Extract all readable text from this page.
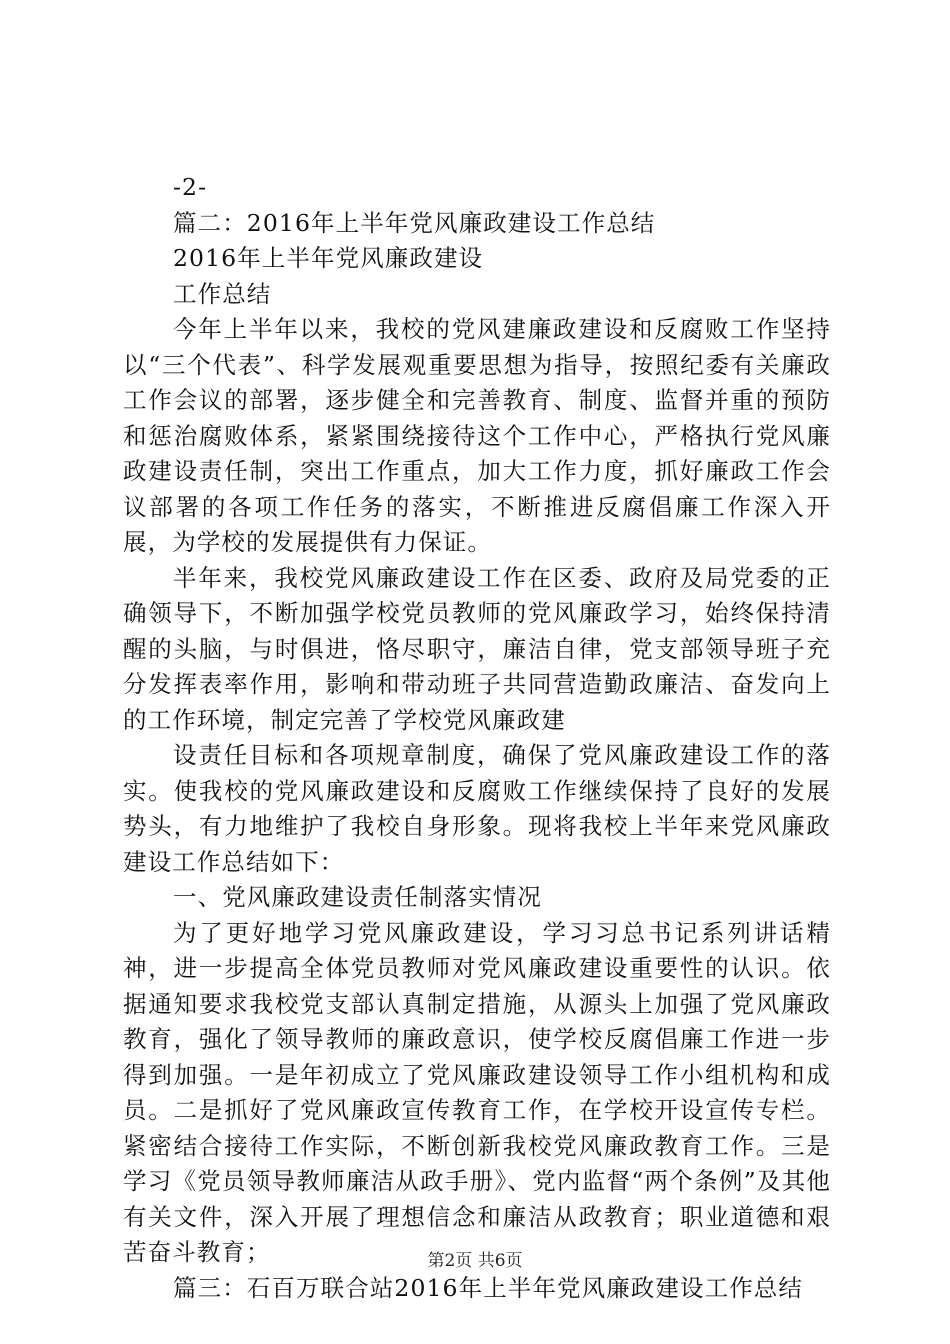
-2-
篇二：2016年上半年党风廉政建设工作总结
2016年上半年党风廉政建设
工作总结

今年上半年以来，我校的党风建廉政建设和反腐败工作坚持以“三个代表”、科学发展观重要思想为指导，按照纪委有关廉政工作会议的部署，逐步健全和完善教育、制度、监督并重的预防和惩治腐败体系，紧紧围绕接待这个工作中心，严格执行党风廉政建设责任制，突出工作重点，加大工作力度，抓好廉政工作会议部署的各项工作任务的落实，不断推进反腐倡廉工作深入开展，为学校的发展提供有力保证。

半年来，我校党风廉政建设工作在区委、政府及局党委的正确领导下，不断加强学校党员教师的党风廉政学习，始终保持清醒的头脑，与时俱进，恪尽职守，廉洁自律，党支部领导班子充分发挥表率作用，影响和带动班子共同营造勤政廉洁、奋发向上的工作环境，制定完善了学校党风廉政建

设责任目标和各项规章制度，确保了党风廉政建设工作的落实。使我校的党风廉政建设和反腐败工作继续保持了良好的发展势头，有力地维护了我校自身形象。现将我校上半年来党风廉政建设工作总结如下：

一、党风廉政建设责任制落实情况

为了更好地学习党风廉政建设，学习习总书记系列讲话精神，进一步提高全体党员教师对党风廉政建设重要性的认识。依据通知要求我校党支部认真制定措施，从源头上加强了党风廉政教育，强化了领导教师的廉政意识，使学校反腐倡廉工作进一步得到加强。一是年初成立了党风廉政建设领导工作小组机构和成员。二是抓好了党风廉政宣传教育工作，在学校开设宣传专栏。紧密结合接待工作实际，不断创新我校党风廉政教育工作。三是学习《党员领导教师廉洁从政手册》、党内监督“两个条例”及其他有关文件，深入开展了理想信念和廉洁从政教育；职业道德和艰苦奋斗教育；

篇三：石百万联合站2016年上半年党风廉政建设工作总结

第2页 共6页
